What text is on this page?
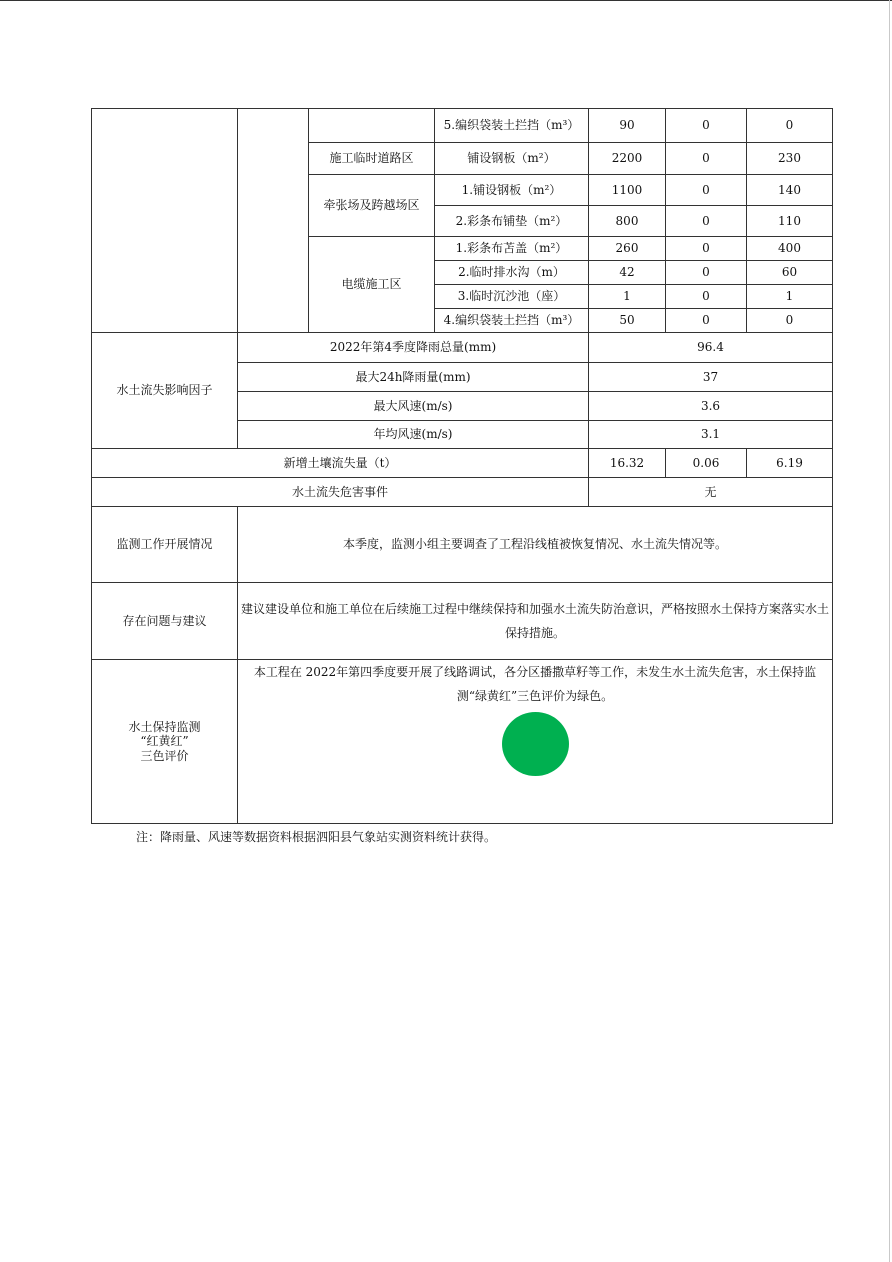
			5.编织袋装土拦挡（m³）	90	0	0
		施工临时道路区	铺设钢板（m²）	2200	0	230
		牵张场及跨越场区	1.铺设钢板（m²）	1100	0	140
			2.彩条布铺垫（m²）	800	0	110
		电缆施工区	1.彩条布苫盖（m²）	260	0	400
			2.临时排水沟（m）	42	0	60
			3.临时沉沙池（座）	1	0	1
			4.编织袋装土拦挡（m³）	50	0	0
水土流失影响因子	2022年第4季度降雨总量(mm)			96.4		
	最大24h降雨量(mm)			37		
	最大风速(m/s)			3.6		
	年均风速(m/s)			3.1		
新增土壤流失量（t）				16.32	0.06	6.19
水土流失危害事件				无		
监测工作开展情况	本季度，监测小组主要调查了工程沿线植被恢复情况、水土流失情况等。					
存在问题与建议	建议建设单位和施工单位在后续施工过程中继续保持和加强水土流失防治意识，严格按照水土保持方案落实水土保持措施。					

水土保持监测
“红黄红”
三色评价	本工程在 2022年第四季度要开展了线路调试，各分区播撒草籽等工作，未发生水土流失危害，水土保持监测“绿黄红”三色评价为绿色。					
注：降雨量、风速等数据资料根据泗阳县气象站实测资料统计获得。
